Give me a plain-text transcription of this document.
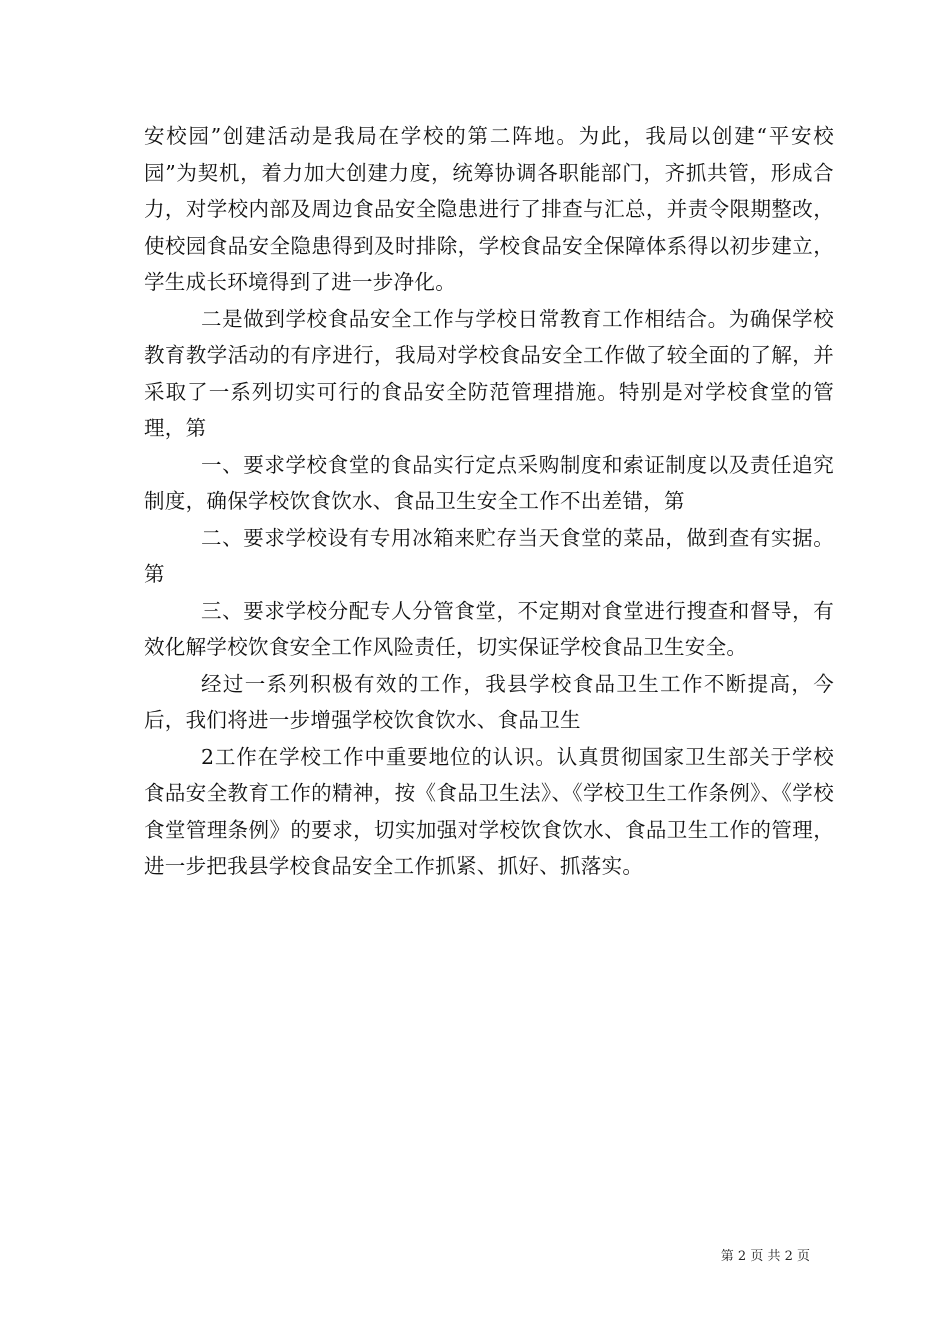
安校园”创建活动是我局在学校的第二阵地。为此，我局以创建“平安校园”为契机，着力加大创建力度，统筹协调各职能部门，齐抓共管，形成合力，对学校内部及周边食品安全隐患进行了排查与汇总，并责令限期整改，使校园食品安全隐患得到及时排除，学校食品安全保障体系得以初步建立，学生成长环境得到了进一步净化。

二是做到学校食品安全工作与学校日常教育工作相结合。为确保学校教育教学活动的有序进行，我局对学校食品安全工作做了较全面的了解，并采取了一系列切实可行的食品安全防范管理措施。特别是对学校食堂的管理，第

一、要求学校食堂的食品实行定点采购制度和索证制度以及责任追究制度，确保学校饮食饮水、食品卫生安全工作不出差错，第

二、要求学校设有专用冰箱来贮存当天食堂的菜品，做到查有实据。第

三、要求学校分配专人分管食堂，不定期对食堂进行搜查和督导，有效化解学校饮食安全工作风险责任，切实保证学校食品卫生安全。

经过一系列积极有效的工作，我县学校食品卫生工作不断提高，今后，我们将进一步增强学校饮食饮水、食品卫生

2工作在学校工作中重要地位的认识。认真贯彻国家卫生部关于学校食品安全教育工作的精神，按《食品卫生法》、《学校卫生工作条例》、《学校食堂管理条例》的要求，切实加强对学校饮食饮水、食品卫生工作的管理，进一步把我县学校食品安全工作抓紧、抓好、抓落实。

第 2 页 共 2 页
